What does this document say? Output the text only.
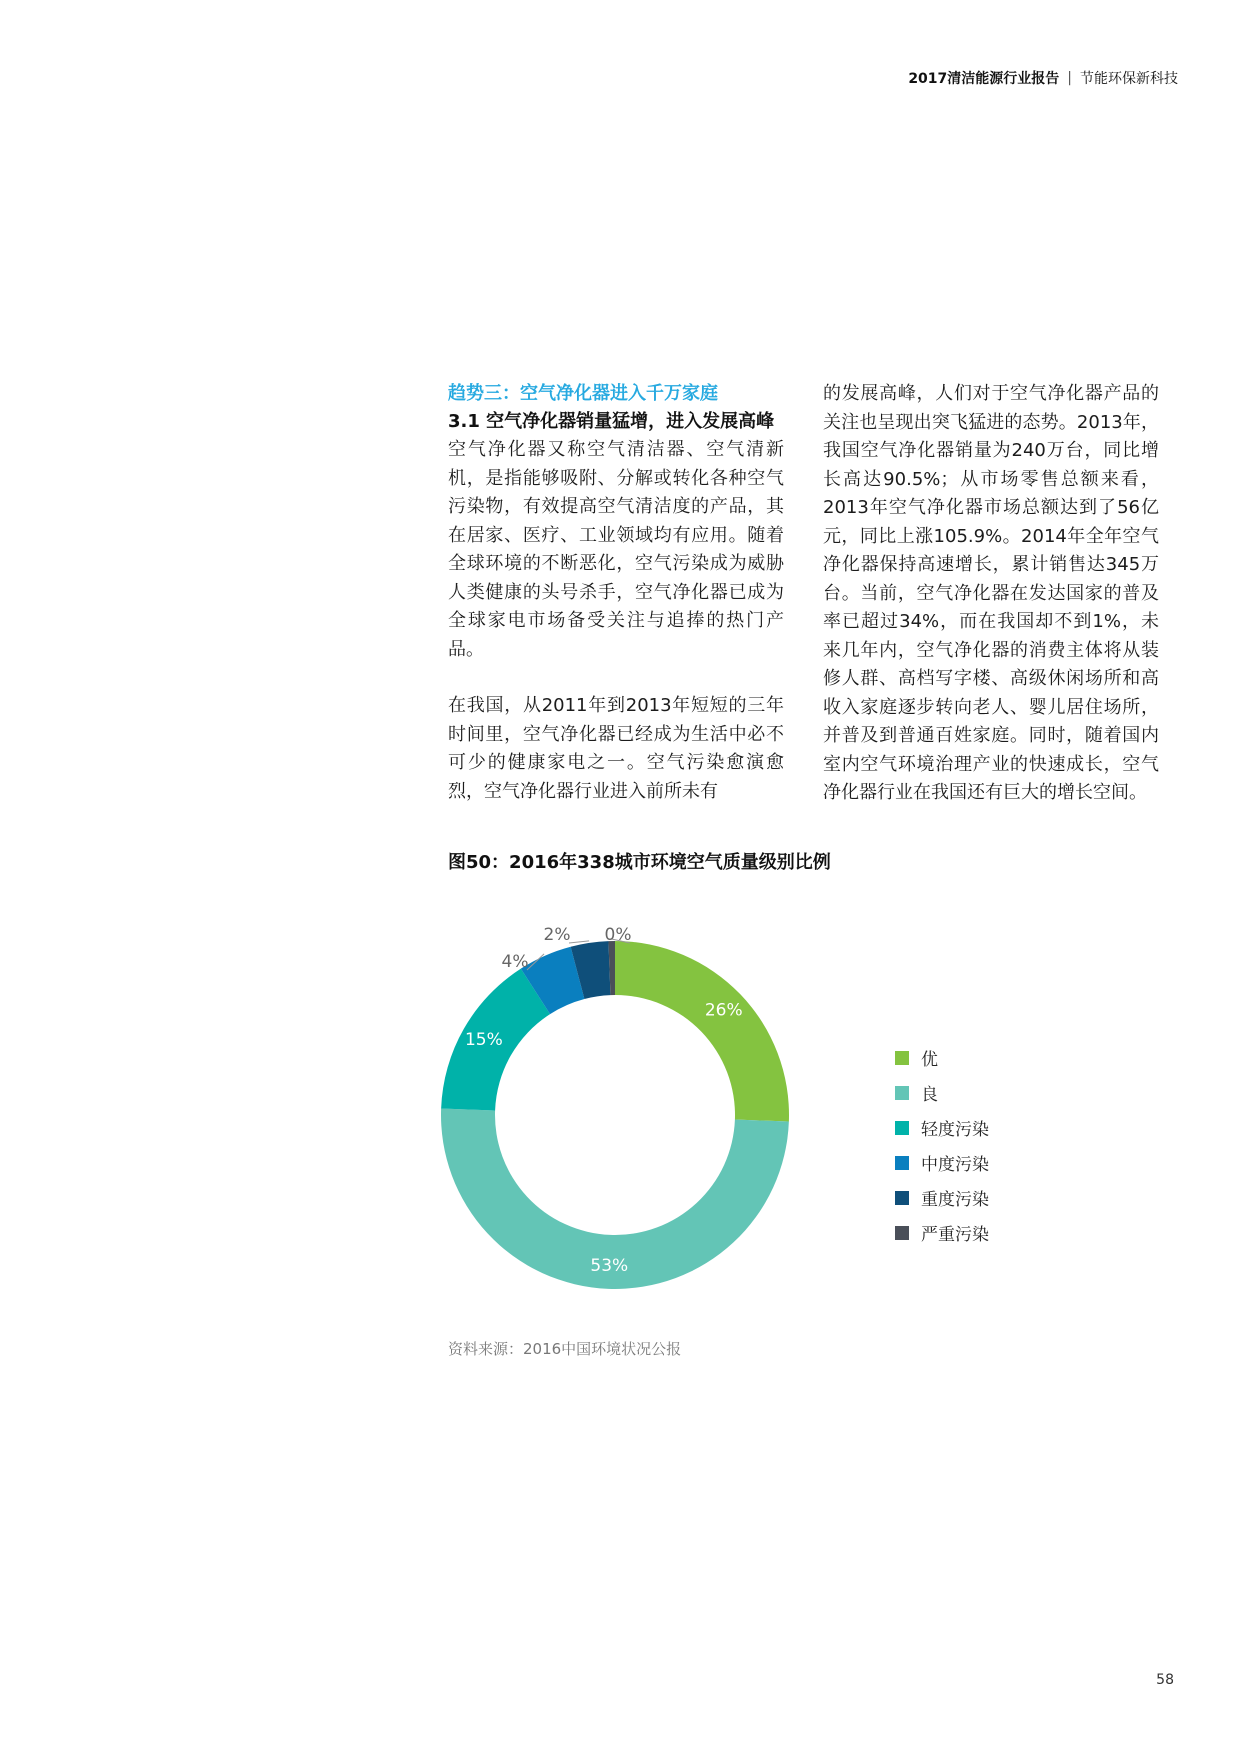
2017清洁能源行业报告 | 节能环保新科技
趋势三：空气净化器进入千万家庭
3.1 空气净化器销量猛增，进入发展高峰

空气净化器又称空气清洁器、空气清新机，是指能够吸附、分解或转化各种空气污染物，有效提高空气清洁度的产品，其在居家、医疗、工业领域均有应用。随着全球环境的不断恶化，空气污染成为威胁人类健康的头号杀手，空气净化器已成为全球家电市场备受关注与追捧的热门产品。

在我国，从2011年到2013年短短的三年时间里，空气净化器已经成为生活中必不可少的健康家电之一。空气污染愈演愈烈，空气净化器行业进入前所未有

的发展高峰，人们对于空气净化器产品的关注也呈现出突飞猛进的态势。2013年，我国空气净化器销量为240万台，同比增长高达90.5%；从市场零售总额来看，2013年空气净化器市场总额达到了56亿元，同比上涨105.9%。2014年全年空气净化器保持高速增长，累计销售达345万台。当前，空气净化器在发达国家的普及率已超过34%，而在我国却不到1%，未来几年内，空气净化器的消费主体将从装修人群、高档写字楼、高级休闲场所和高收入家庭逐步转向老人、婴儿居住场所，并普及到普通百姓家庭。同时，随着国内室内空气环境治理产业的快速成长，空气净化器行业在我国还有巨大的增长空间。

图50：2016年338城市环境空气质量级别比例
26%
53%
15%
4%
2% 0%
优
良
轻度污染
中度污染
重度污染
严重污染
资料来源：2016中国环境状况公报
58
